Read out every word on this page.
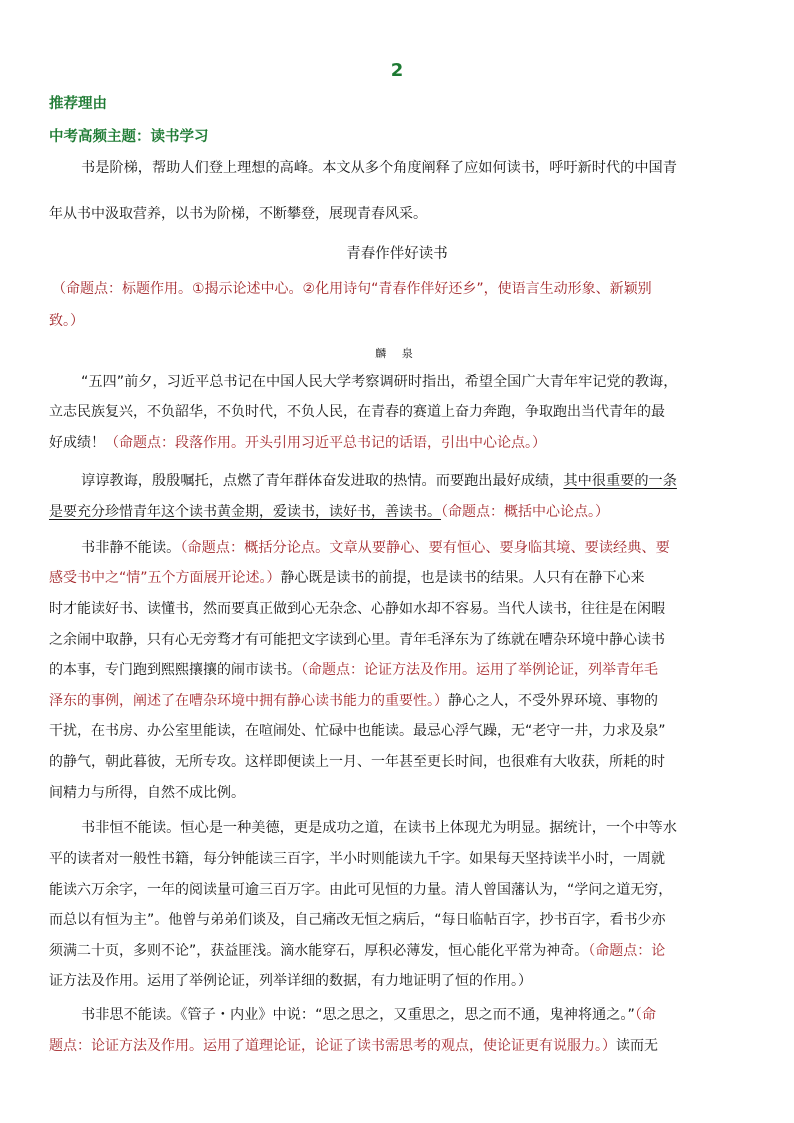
2
推荐理由
中考高频主题：读书学习
书是阶梯，帮助人们登上理想的高峰。本文从多个角度阐释了应如何读书，呼吁新时代的中国青
年从书中汲取营养，以书为阶梯，不断攀登，展现青春风采。
青春作伴好读书
（命题点：标题作用。①揭示论述中心。②化用诗句“青春作伴好还乡”，使语言生动形象、新颖别
致。）
麟 泉
“五四”前夕，习近平总书记在中国人民大学考察调研时指出，希望全国广大青年牢记党的教诲，
立志民族复兴，不负韶华，不负时代，不负人民，在青春的赛道上奋力奔跑，争取跑出当代青年的最
好成绩！（命题点：段落作用。开头引用习近平总书记的话语，引出中心论点。）
谆谆教诲，殷殷嘱托，点燃了青年群体奋发进取的热情。而要跑出最好成绩，其中很重要的一条
是要充分珍惜青年这个读书黄金期，爱读书，读好书，善读书。（命题点：概括中心论点。）
书非静不能读。（命题点：概括分论点。文章从要静心、要有恒心、要身临其境、要读经典、要
感受书中之“情”五个方面展开论述。）静心既是读书的前提，也是读书的结果。人只有在静下心来
时才能读好书、读懂书，然而要真正做到心无杂念、心静如水却不容易。当代人读书，往往是在闲暇
之余闹中取静，只有心无旁骛才有可能把文字读到心里。青年毛泽东为了练就在嘈杂环境中静心读书
的本事，专门跑到熙熙攘攘的闹市读书。（命题点：论证方法及作用。运用了举例论证，列举青年毛
泽东的事例，阐述了在嘈杂环境中拥有静心读书能力的重要性。）静心之人，不受外界环境、事物的
干扰，在书房、办公室里能读，在喧闹处、忙碌中也能读。最忌心浮气躁，无“老守一井，力求及泉”
的静气，朝此暮彼，无所专攻。这样即便读上一月、一年甚至更长时间，也很难有大收获，所耗的时
间精力与所得，自然不成比例。
书非恒不能读。恒心是一种美德，更是成功之道，在读书上体现尤为明显。据统计，一个中等水
平的读者对一般性书籍，每分钟能读三百字，半小时则能读九千字。如果每天坚持读半小时，一周就
能读六万余字，一年的阅读量可逾三百万字。由此可见恒的力量。清人曾国藩认为，“学问之道无穷，
而总以有恒为主”。他曾与弟弟们谈及，自己痛改无恒之病后，“每日临帖百字，抄书百字，看书少亦
须满二十页，多则不论”，获益匪浅。滴水能穿石，厚积必薄发，恒心能化平常为神奇。（命题点：论
证方法及作用。运用了举例论证，列举详细的数据，有力地证明了恒的作用。）
书非思不能读。《管子・内业》中说：“思之思之，又重思之，思之而不通，鬼神将通之。”（命
题点：论证方法及作用。运用了道理论证，论证了读书需思考的观点，使论证更有说服力。）读而无
